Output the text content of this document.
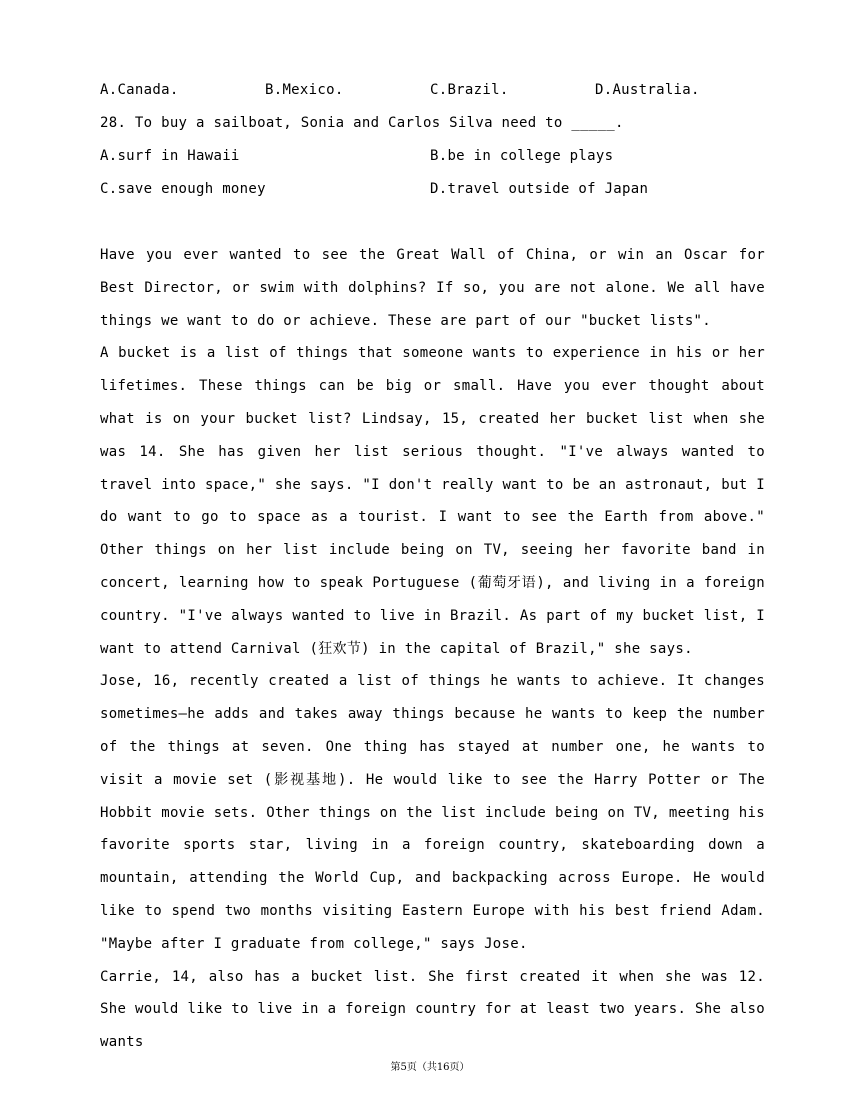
A.Canada.	B.Mexico.	C.Brazil.	D.Australia.
28. To buy a sailboat, Sonia and Carlos Silva need to _____.
A.surf in Hawaii	B.be in college plays
C.save enough money	D.travel outside of Japan
Have you ever wanted to see the Great Wall of China, or win an Oscar for Best Director, or swim with dolphins? If so, you are not alone. We all have things we want to do or achieve. These are part of our "bucket lists".
A bucket is a list of things that someone wants to experience in his or her lifetimes. These things can be big or small. Have you ever thought about what is on your bucket list? Lindsay, 15, created her bucket list when she was 14. She has given her list serious thought. "I've always wanted to travel into space," she says. "I don't really want to be an astronaut, but I do want to go to space as a tourist. I want to see the Earth from above." Other things on her list include being on TV, seeing her favorite band in concert, learning how to speak Portuguese (葡萄牙语), and living in a foreign country. "I've always wanted to live in Brazil. As part of my bucket list, I want to attend Carnival (狂欢节) in the capital of Brazil," she says.
Jose, 16, recently created a list of things he wants to achieve. It changes sometimes—he adds and takes away things because he wants to keep the number of the things at seven. One thing has stayed at number one, he wants to visit a movie set (影视基地). He would like to see the Harry Potter or The Hobbit movie sets. Other things on the list include being on TV, meeting his favorite sports star, living in a foreign country, skateboarding down a mountain, attending the World Cup, and backpacking across Europe. He would like to spend two months visiting Eastern Europe with his best friend Adam. "Maybe after I graduate from college," says Jose.
Carrie, 14, also has a bucket list. She first created it when she was 12. She would like to live in a foreign country for at least two years. She also wants
第5页（共16页）
